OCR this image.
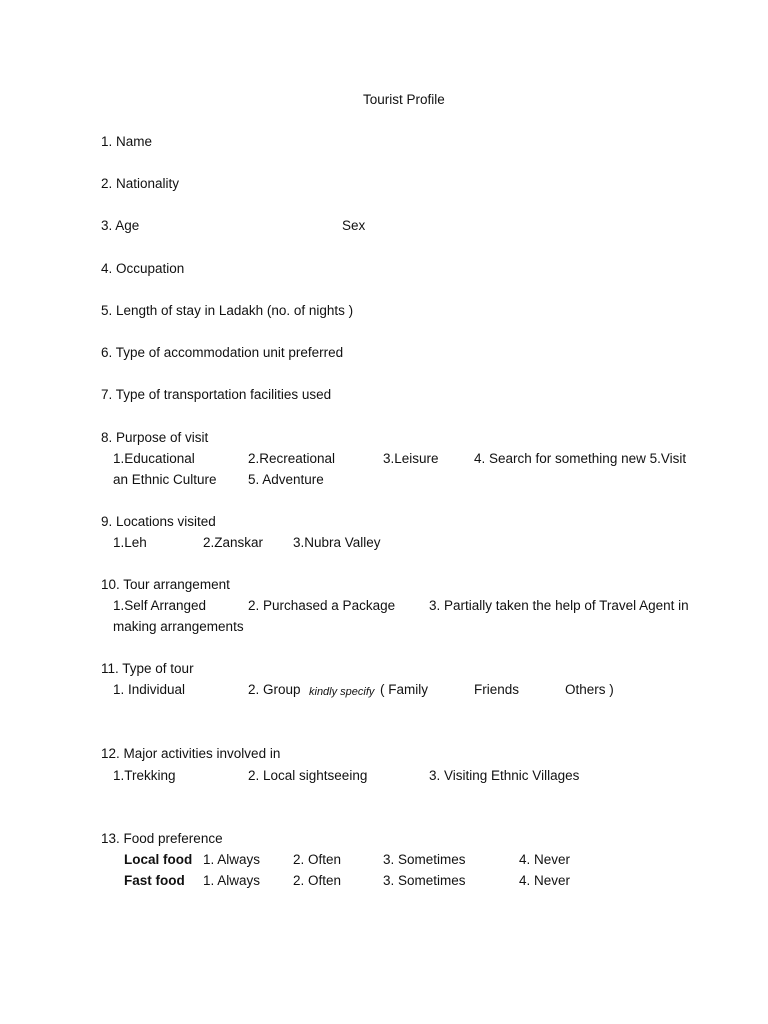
Tourist Profile
1. Name
2. Nationality
3. Age	Sex
4. Occupation
5. Length of stay in Ladakh (no. of nights )
6. Type of accommodation unit preferred
7. Type of transportation facilities used
8. Purpose of visit
1.Educational	2.Recreational	3.Leisure	4. Search for something new 5.Visit
an Ethnic Culture 5. Adventure
9. Locations visited
1.Leh	2.Zanskar 3.Nubra Valley
10. Tour arrangement
1.Self Arranged	2. Purchased a Package	3. Partially taken the help of Travel Agent in
making arrangements
11. Type of tour
1. Individual	2. Group kindly specify ( Family	Friends	Others )
12. Major activities involved in
1.Trekking	2. Local sightseeing	3. Visiting Ethnic Villages
13. Food preference
Local food 1. Always 2. Often	3. Sometimes	4. Never
Fast food 1. Always 2. Often	3. Sometimes	4. Never
